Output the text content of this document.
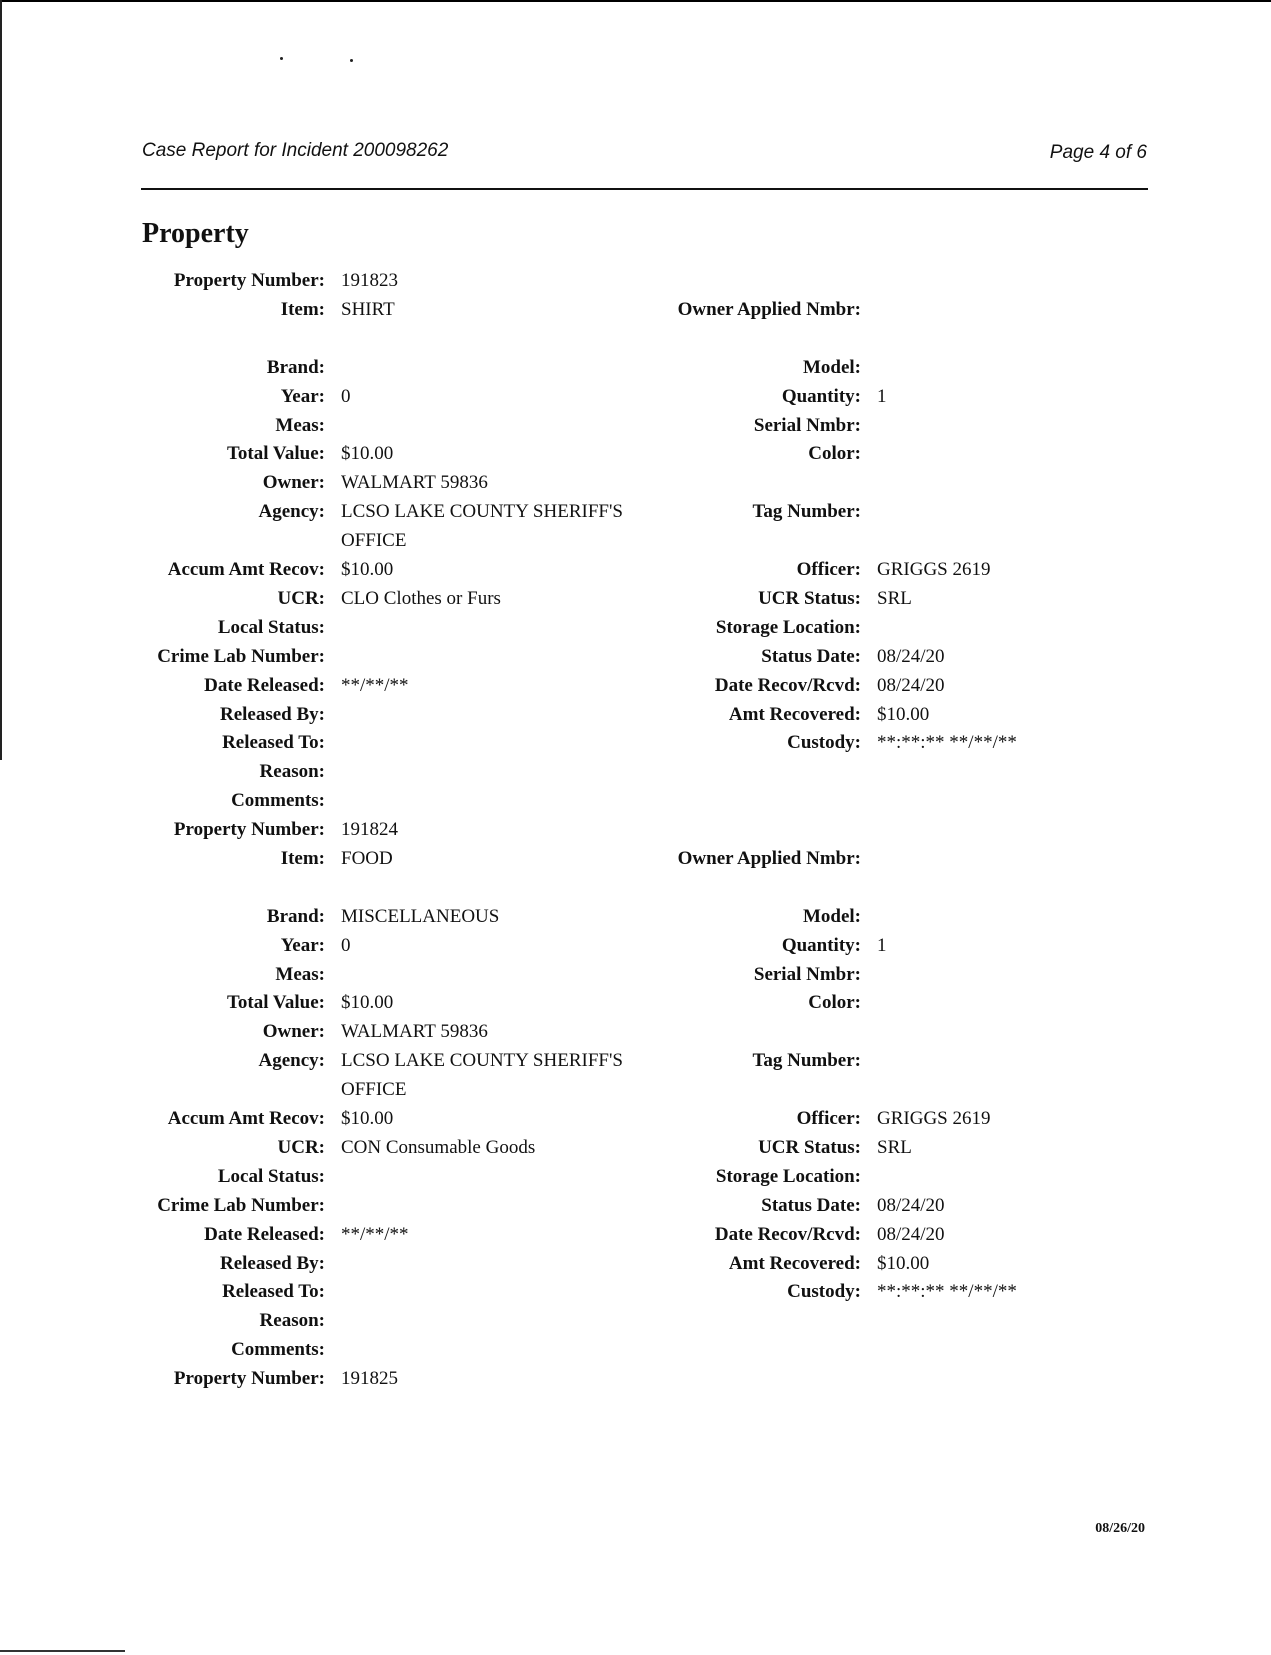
Case Report for Incident 200098262	Page 4 of 6
Property
Property Number: 191823
Item: SHIRT	Owner Applied Nmbr:
Brand:	Model:
Year: 0	Quantity: 1
Meas:	Serial Nmbr:
Total Value: $10.00	Color:
Owner: WALMART 59836
Agency: LCSO LAKE COUNTY SHERIFF'S OFFICE
Tag Number:
Accum Amt Recov: $10.00	Officer: GRIGGS 2619
UCR: CLO Clothes or Furs	UCR Status: SRL
Local Status:	Storage Location:
Crime Lab Number:	Status Date: 08/24/20
Date Released: **/**/**	Date Recov/Rcvd: 08/24/20
Released By:	Amt Recovered: $10.00
Released To:	Custody: **:**:** **/**/**
Reason:
Comments:
Property Number: 191824
Item: FOOD	Owner Applied Nmbr:
Brand: MISCELLANEOUS	Model:
Year: 0	Quantity: 1
Meas:	Serial Nmbr:
Total Value: $10.00	Color:
Owner: WALMART 59836
Agency: LCSO LAKE COUNTY SHERIFF'S OFFICE
Tag Number:
Accum Amt Recov: $10.00	Officer: GRIGGS 2619
UCR: CON Consumable Goods	UCR Status: SRL
Local Status:	Storage Location:
Crime Lab Number:	Status Date: 08/24/20
Date Released: **/**/**	Date Recov/Rcvd: 08/24/20
Released By:	Amt Recovered: $10.00
Released To:	Custody: **:**:** **/**/**
Reason:
Comments:
Property Number: 191825
08/26/20
